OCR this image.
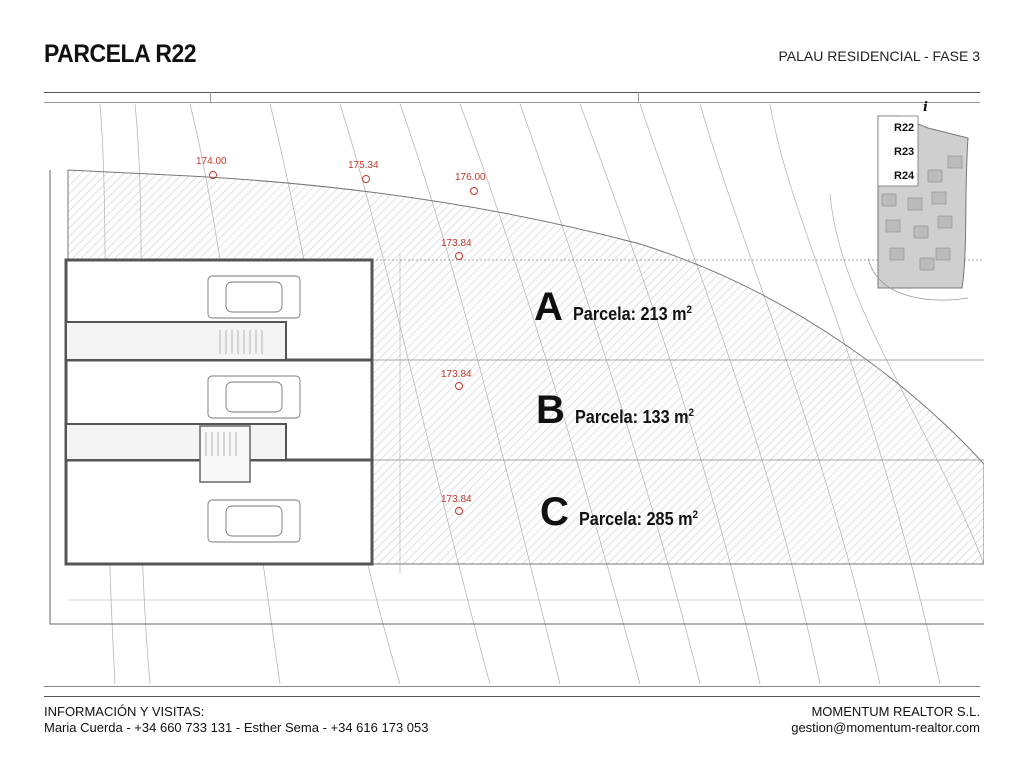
PARCELA R22	PALAU RESIDENCIAL - FASE 3
174.00	175.34
176.00
173.84
173.84
173.84
A Parcela: 213 $m^2$
B Parcela: 133 $m^2$
C Parcela: 285 $m^2$
i
R22
R23
R24
INFORMACIÓN Y VISITAS:
Maria Cuerda - +34 660 733 131 - Esther Sema - +34 616 173 053
MOMENTUM REALTOR S.L.
gestion@momentum-realtor.com
